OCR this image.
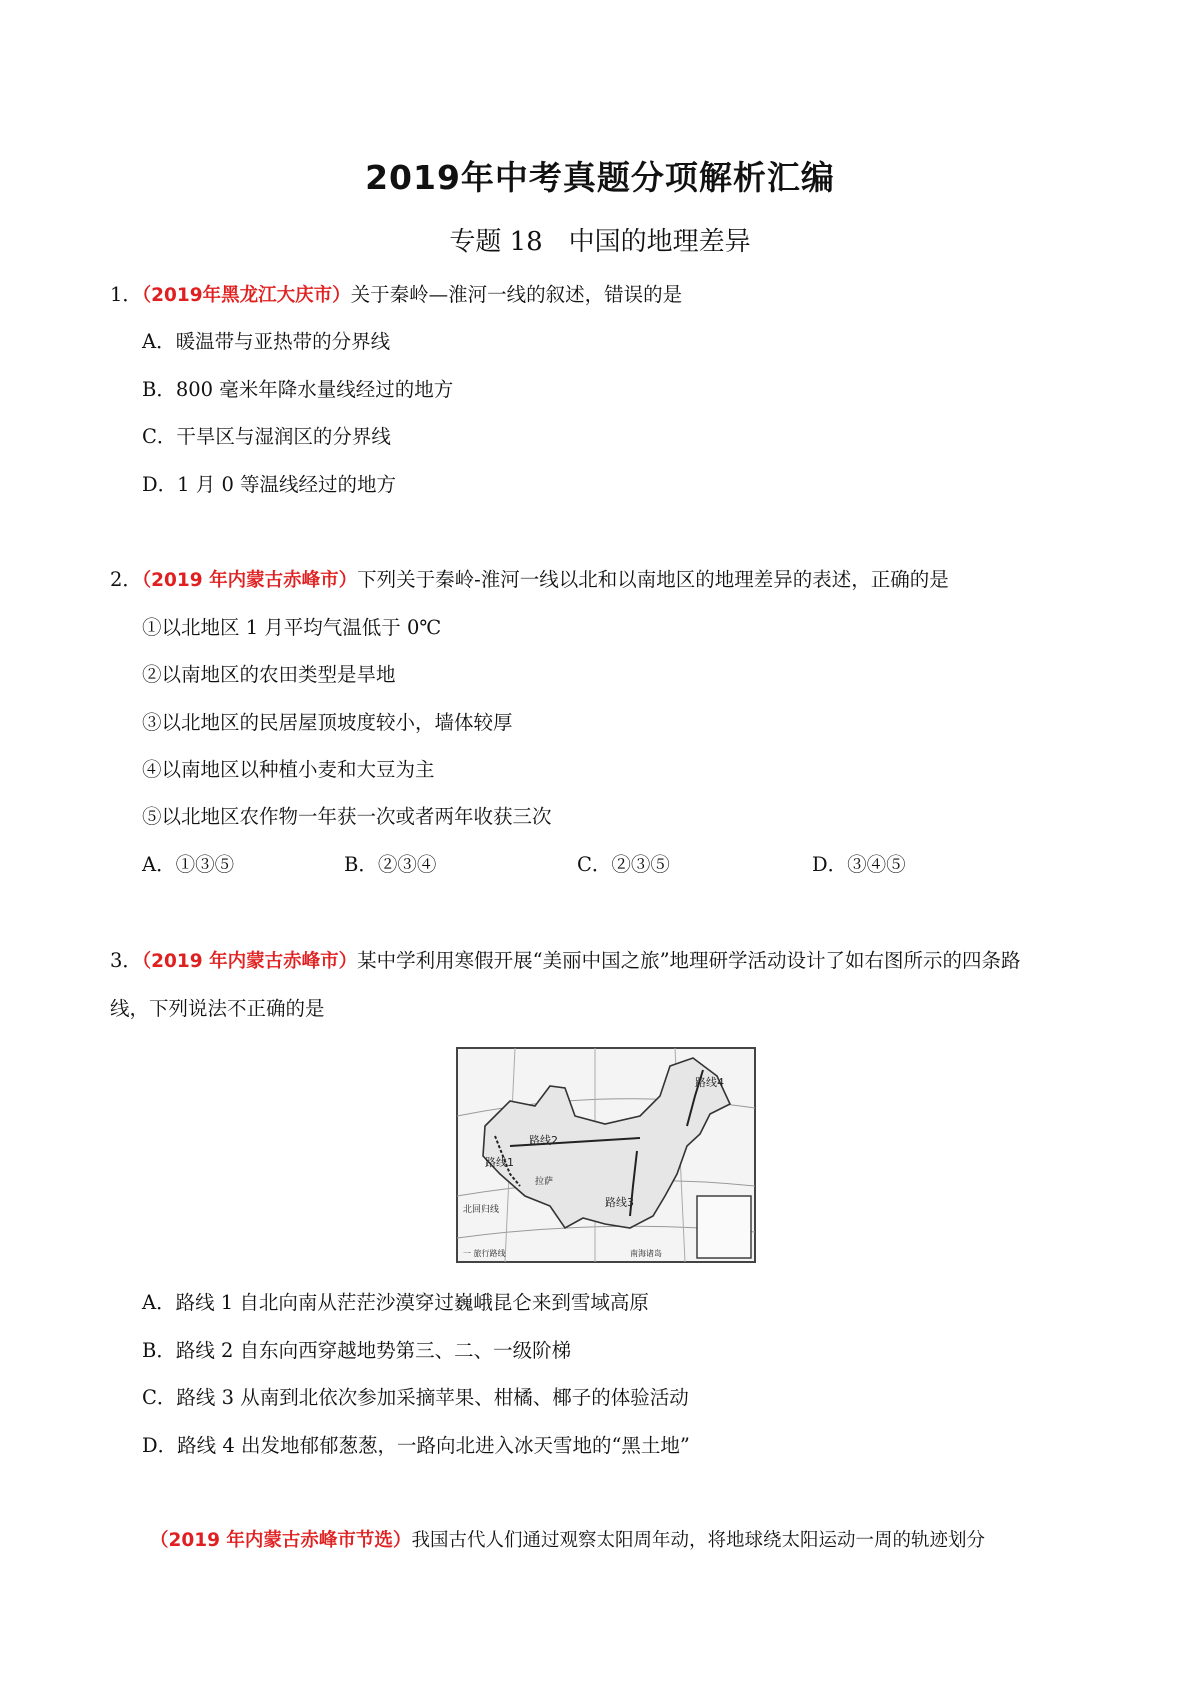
2019年中考真题分项解析汇编
专题 18　中国的地理差异
1．（2019年黑龙江大庆市）关于秦岭—淮河一线的叙述，错误的是
A．暖温带与亚热带的分界线
B．800 毫米年降水量线经过的地方
C．干旱区与湿润区的分界线
D．1 月 0 等温线经过的地方
2．（2019 年内蒙古赤峰市）下列关于秦岭-淮河一线以北和以南地区的地理差异的表述，正确的是
①以北地区 1 月平均气温低于 0℃
②以南地区的农田类型是旱地
③以北地区的民居屋顶坡度较小，墙体较厚
④以南地区以种植小麦和大豆为主
⑤以北地区农作物一年获一次或者两年收获三次
A．①③⑤	B．②③④	C．②③⑤	D．③④⑤
3．（2019 年内蒙古赤峰市）某中学利用寒假开展“美丽中国之旅”地理研学活动设计了如右图所示的四条路
线，下列说法不正确的是
路线2
路线1
路线3
路线4
拉萨
北回归线
一 旅行路线	南海诸岛
A．路线 1 自北向南从茫茫沙漠穿过巍峨昆仑来到雪域高原
B．路线 2 自东向西穿越地势第三、二、一级阶梯
C．路线 3 从南到北依次参加采摘苹果、柑橘、椰子的体验活动
D．路线 4 出发地郁郁葱葱，一路向北进入冰天雪地的“黑土地”
（2019 年内蒙古赤峰市节选）我国古代人们通过观察太阳周年动，将地球绕太阳运动一周的轨迹划分
